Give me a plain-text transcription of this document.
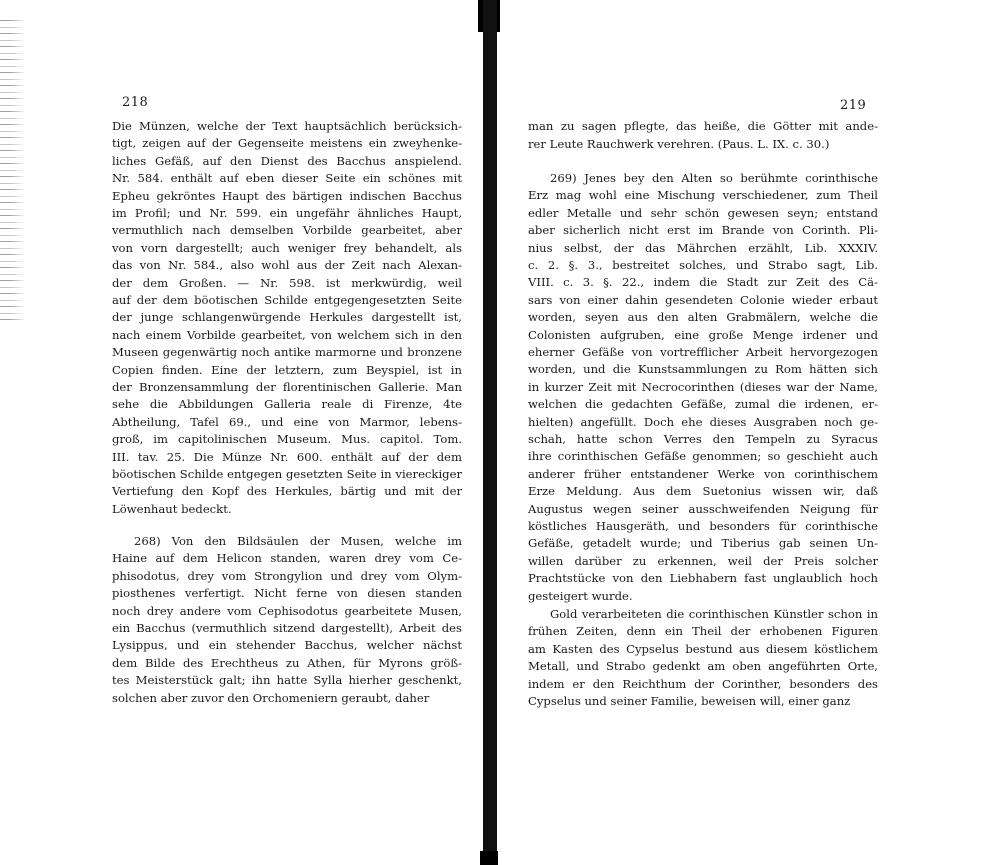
218
Die Münzen, welche der Text hauptsächlich berücksich-
tigt, zeigen auf der Gegenseite meistens ein zweyhenke-
liches Gefäß, auf den Dienst des Bacchus anspielend.
Nr. 584. enthält auf eben dieser Seite ein schönes mit
Epheu gekröntes Haupt des bärtigen indischen Bacchus
im Profil; und Nr. 599. ein ungefähr ähnliches Haupt,
vermuthlich nach demselben Vorbilde gearbeitet, aber
von vorn dargestellt; auch weniger frey behandelt, als
das von Nr. 584., also wohl aus der Zeit nach Alexan-
der dem Großen. — Nr. 598. ist merkwürdig, weil
auf der dem böotischen Schilde entgegengesetzten Seite
der junge schlangenwürgende Herkules dargestellt ist,
nach einem Vorbilde gearbeitet, von welchem sich in den
Museen gegenwärtig noch antike marmorne und bronzene
Copien finden. Eine der letztern, zum Beyspiel, ist in
der Bronzensammlung der florentinischen Gallerie. Man
sehe die Abbildungen Galleria reale di Firenze, 4te
Abtheilung, Tafel 69., und eine von Marmor, lebens-
groß, im capitolinischen Museum. Mus. capitol. Tom.
III. tav. 25. Die Münze Nr. 600. enthält auf der dem
böotischen Schilde entgegen gesetzten Seite in viereckiger
Vertiefung den Kopf des Herkules, bärtig und mit der
Löwenhaut bedeckt.
268) Von den Bildsäulen der Musen, welche im
Haine auf dem Helicon standen, waren drey vom Ce-
phisodotus, drey vom Strongylion und drey vom Olym-
piosthenes verfertigt. Nicht ferne von diesen standen
noch drey andere vom Cephisodotus gearbeitete Musen,
ein Bacchus (vermuthlich sitzend dargestellt), Arbeit des
Lysippus, und ein stehender Bacchus, welcher nächst
dem Bilde des Erechtheus zu Athen, für Myrons größ-
tes Meisterstück galt; ihn hatte Sylla hierher geschenkt,
solchen aber zuvor den Orchomeniern geraubt, daher
219
man zu sagen pflegte, das heiße, die Götter mit ande-
rer Leute Rauchwerk verehren. (Paus. L. IX. c. 30.)
269) Jenes bey den Alten so berühmte corinthische
Erz mag wohl eine Mischung verschiedener, zum Theil
edler Metalle und sehr schön gewesen seyn; entstand
aber sicherlich nicht erst im Brande von Corinth. Pli-
nius selbst, der das Mährchen erzählt, Lib. XXXIV.
c. 2. §. 3., bestreitet solches, und Strabo sagt, Lib.
VIII. c. 3. §. 22., indem die Stadt zur Zeit des Cä-
sars von einer dahin gesendeten Colonie wieder erbaut
worden, seyen aus den alten Grabmälern, welche die
Colonisten aufgruben, eine große Menge irdener und
eherner Gefäße von vortrefflicher Arbeit hervorgezogen
worden, und die Kunstsammlungen zu Rom hätten sich
in kurzer Zeit mit Necrocorinthen (dieses war der Name,
welchen die gedachten Gefäße, zumal die irdenen, er-
hielten) angefüllt. Doch ehe dieses Ausgraben noch ge-
schah, hatte schon Verres den Tempeln zu Syracus
ihre corinthischen Gefäße genommen; so geschieht auch
anderer früher entstandener Werke von corinthischem
Erze Meldung. Aus dem Suetonius wissen wir, daß
Augustus wegen seiner ausschweifenden Neigung für
köstliches Hausgeräth, und besonders für corinthische
Gefäße, getadelt wurde; und Tiberius gab seinen Un-
willen darüber zu erkennen, weil der Preis solcher
Prachtstücke von den Liebhabern fast unglaublich hoch
gesteigert wurde.
Gold verarbeiteten die corinthischen Künstler schon in
frühen Zeiten, denn ein Theil der erhobenen Figuren
am Kasten des Cypselus bestund aus diesem köstlichem
Metall, und Strabo gedenkt am oben angeführten Orte,
indem er den Reichthum der Corinther, besonders des
Cypselus und seiner Familie, beweisen will, einer ganz
